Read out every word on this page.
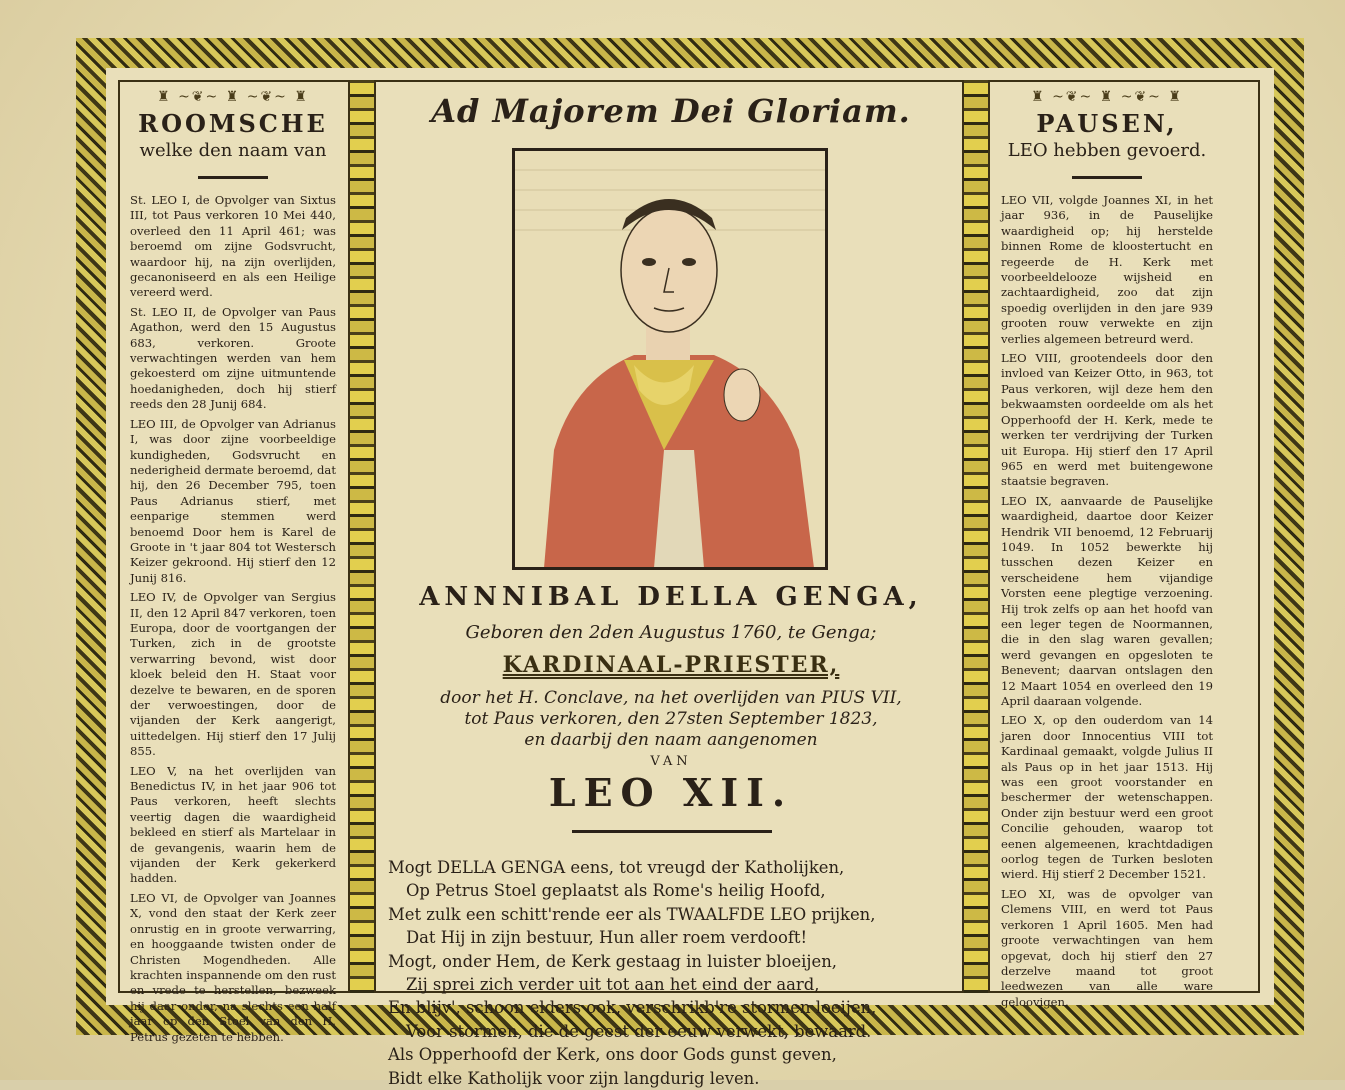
♜ ~❦~ ♜ ~❦~ ♜
ROOMSCHE
welke den naam van

St. LEO I, de Opvolger van Sixtus III, tot Paus verkoren 10 Mei 440, overleed den 11 April 461; was beroemd om zijne Godsvrucht, waardoor hij, na zijn overlijden, gecanoniseerd en als een Heilige vereerd werd.

St. LEO II, de Opvolger van Paus Agathon, werd den 15 Augustus 683, verkoren. Groote verwachtingen werden van hem gekoesterd om zijne uitmuntende hoedanigheden, doch hij stierf reeds den 28 Junij 684.

LEO III, de Opvolger van Adrianus I, was door zijne voorbeeldige kundigheden, Godsvrucht en nederigheid dermate beroemd, dat hij, den 26 December 795, toen Paus Adrianus stierf, met eenparige stemmen werd benoemd Door hem is Karel de Groote in 't jaar 804 tot Westersch Keizer gekroond. Hij stierf den 12 Junij 816.

LEO IV, de Opvolger van Sergius II, den 12 April 847 verkoren, toen Europa, door de voortgangen der Turken, zich in de grootste verwarring bevond, wist door kloek beleid den H. Staat voor dezelve te bewaren, en de sporen der verwoestingen, door de vijanden der Kerk aangerigt, uittedelgen. Hij stierf den 17 Julij 855.

LEO V, na het overlijden van Benedictus IV, in het jaar 906 tot Paus verkoren, heeft slechts veertig dagen die waardigheid bekleed en stierf als Martelaar in de gevangenis, waarin hem de vijanden der Kerk gekerkerd hadden.

LEO VI, de Opvolger van Joannes X, vond den staat der Kerk zeer onrustig en in groote verwarring, en hooggaande twisten onder de Christen Mogendheden. Alle krachten inspannende om den rust en vrede te herstellen, bezweek hij daar onder, na slechts een half jaar op den Stoel van den H. Petrus gezeten te hebben.

Ad Majorem Dei Gloriam.
ANNNIBAL DELLA GENGA,
Geboren den 2den Augustus 1760, te Genga;
KARDINAAL-PRIESTER,
door het H. Conclave, na het overlijden van PIUS VII,
tot Paus verkoren, den 27sten September 1823,
en daarbij den naam aangenomen
VAN
LEO XII.
Mogt DELLA GENGA eens, tot vreugd der Katholijken,
Op Petrus Stoel geplaatst als Rome's heilig Hoofd,
Met zulk een schitt'rende eer als TWAALFDE LEO prijken,
Dat Hij in zijn bestuur, Hun aller roem verdooft!
Mogt, onder Hem, de Kerk gestaag in luister bloeijen,
Zij sprei zich verder uit tot aan het eind der aard,
En blijv', schoon elders ook, verschrikb're stormen loeijen,
Voor stormen, die de geest der eeuw verwekt, bewaard.
Als Opperhoofd der Kerk, ons door Gods gunst geven,
Bidt elke Katholijk voor zijn langdurig leven.
♜ ~❦~ ♜ ~❦~ ♜
PAUSEN,
LEO hebben gevoerd.

LEO VII, volgde Joannes XI, in het jaar 936, in de Pauselijke waardigheid op; hij herstelde binnen Rome de kloostertucht en regeerde de H. Kerk met voorbeeldelooze wijsheid en zachtaardigheid, zoo dat zijn spoedig overlijden in den jare 939 grooten rouw verwekte en zijn verlies algemeen betreurd werd.

LEO VIII, grootendeels door den invloed van Keizer Otto, in 963, tot Paus verkoren, wijl deze hem den bekwaamsten oordeelde om als het Opperhoofd der H. Kerk, mede te werken ter verdrijving der Turken uit Europa. Hij stierf den 17 April 965 en werd met buitengewone staatsie begraven.

LEO IX, aanvaarde de Pauselijke waardigheid, daartoe door Keizer Hendrik VII benoemd, 12 Februarij 1049. In 1052 bewerkte hij tusschen dezen Keizer en verscheidene hem vijandige Vorsten eene plegtige verzoening. Hij trok zelfs op aan het hoofd van een leger tegen de Noormannen, die in den slag waren gevallen; werd gevangen en opgesloten te Benevent; daarvan ontslagen den 12 Maart 1054 en overleed den 19 April daaraan volgende.

LEO X, op den ouderdom van 14 jaren door Innocentius VIII tot Kardinaal gemaakt, volgde Julius II als Paus op in het jaar 1513. Hij was een groot voorstander en beschermer der wetenschappen. Onder zijn bestuur werd een groot Concilie gehouden, waarop tot eenen algemeenen, krachtdadigen oorlog tegen de Turken besloten wierd. Hij stierf 2 December 1521.

LEO XI, was de opvolger van Clemens VIII, en werd tot Paus verkoren 1 April 1605. Men had groote verwachtingen van hem opgevat, doch hij stierf den 27 derzelve maand tot groot leedwezen van alle ware geloovigen.
